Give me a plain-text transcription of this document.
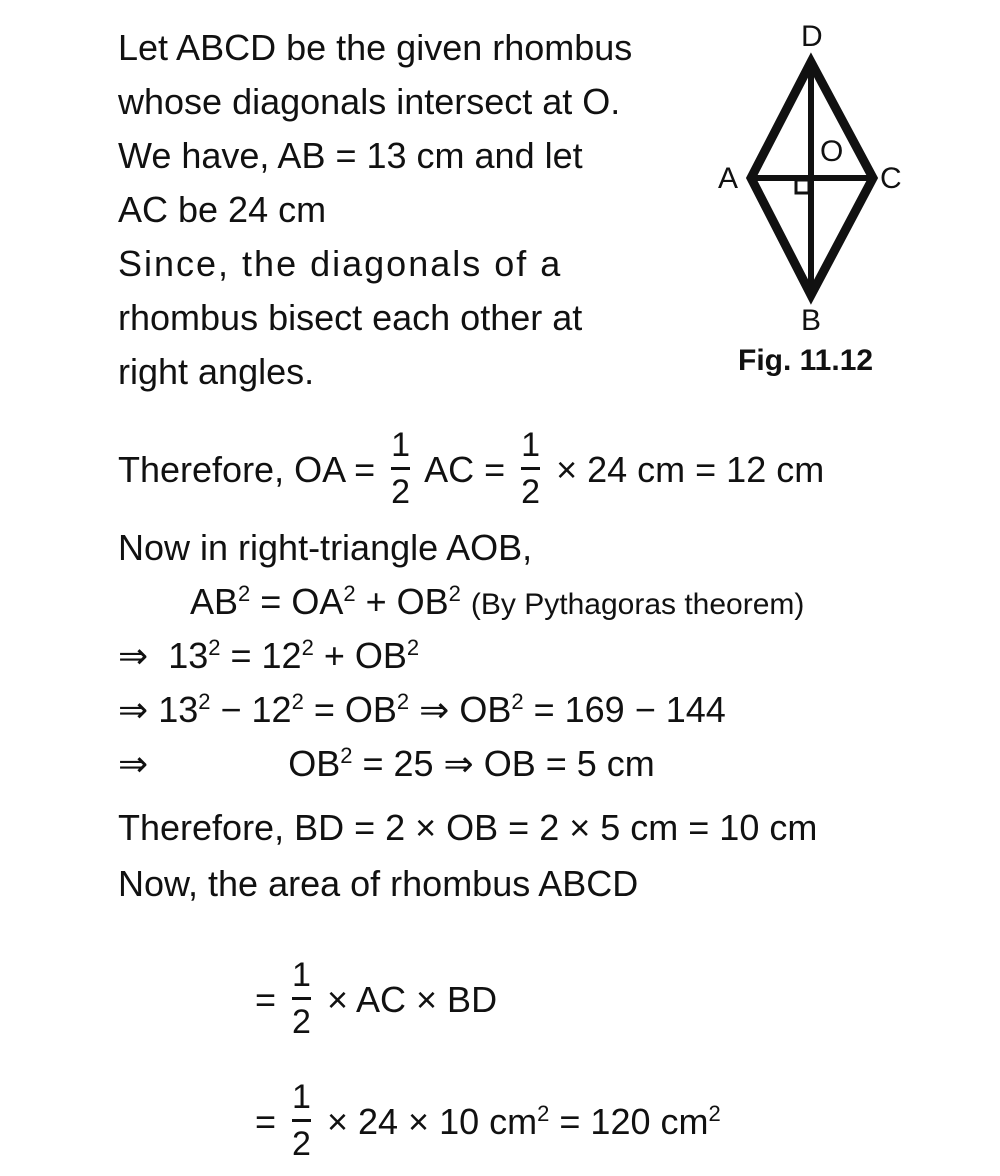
Let ABCD be the given rhombus
whose diagonals intersect at O.
We have, AB = 13 cm and let
AC be 24 cm
Since, the diagonals of a
rhombus bisect each other at
right angles.
D
A	C
B
O
Fig. 11.12
Therefore, OA = $\frac{1}{2}$ AC = $\frac{1}{2} \times 24$ cm = 12 cm
Now in right-triangle AOB,
$AB^2 = OA^2 + OB^2$ (By Pythagoras theorem)
⇒ $13^2 = 12^2 + OB^2$
⇒ $13^2 - 12^2 = OB^2$ ⇒ $OB^2 = 169 - 144$
⇒	$OB^2 = 25$ ⇒ OB = 5 cm
Therefore, BD = 2 × OB = 2 × 5 cm = 10 cm
Now, the area of rhombus ABCD
= $\frac{1}{2}$ × AC × BD
= $\frac{1}{2} \times 24 \times 10$ $cm^2 = 120$ $cm^2$
